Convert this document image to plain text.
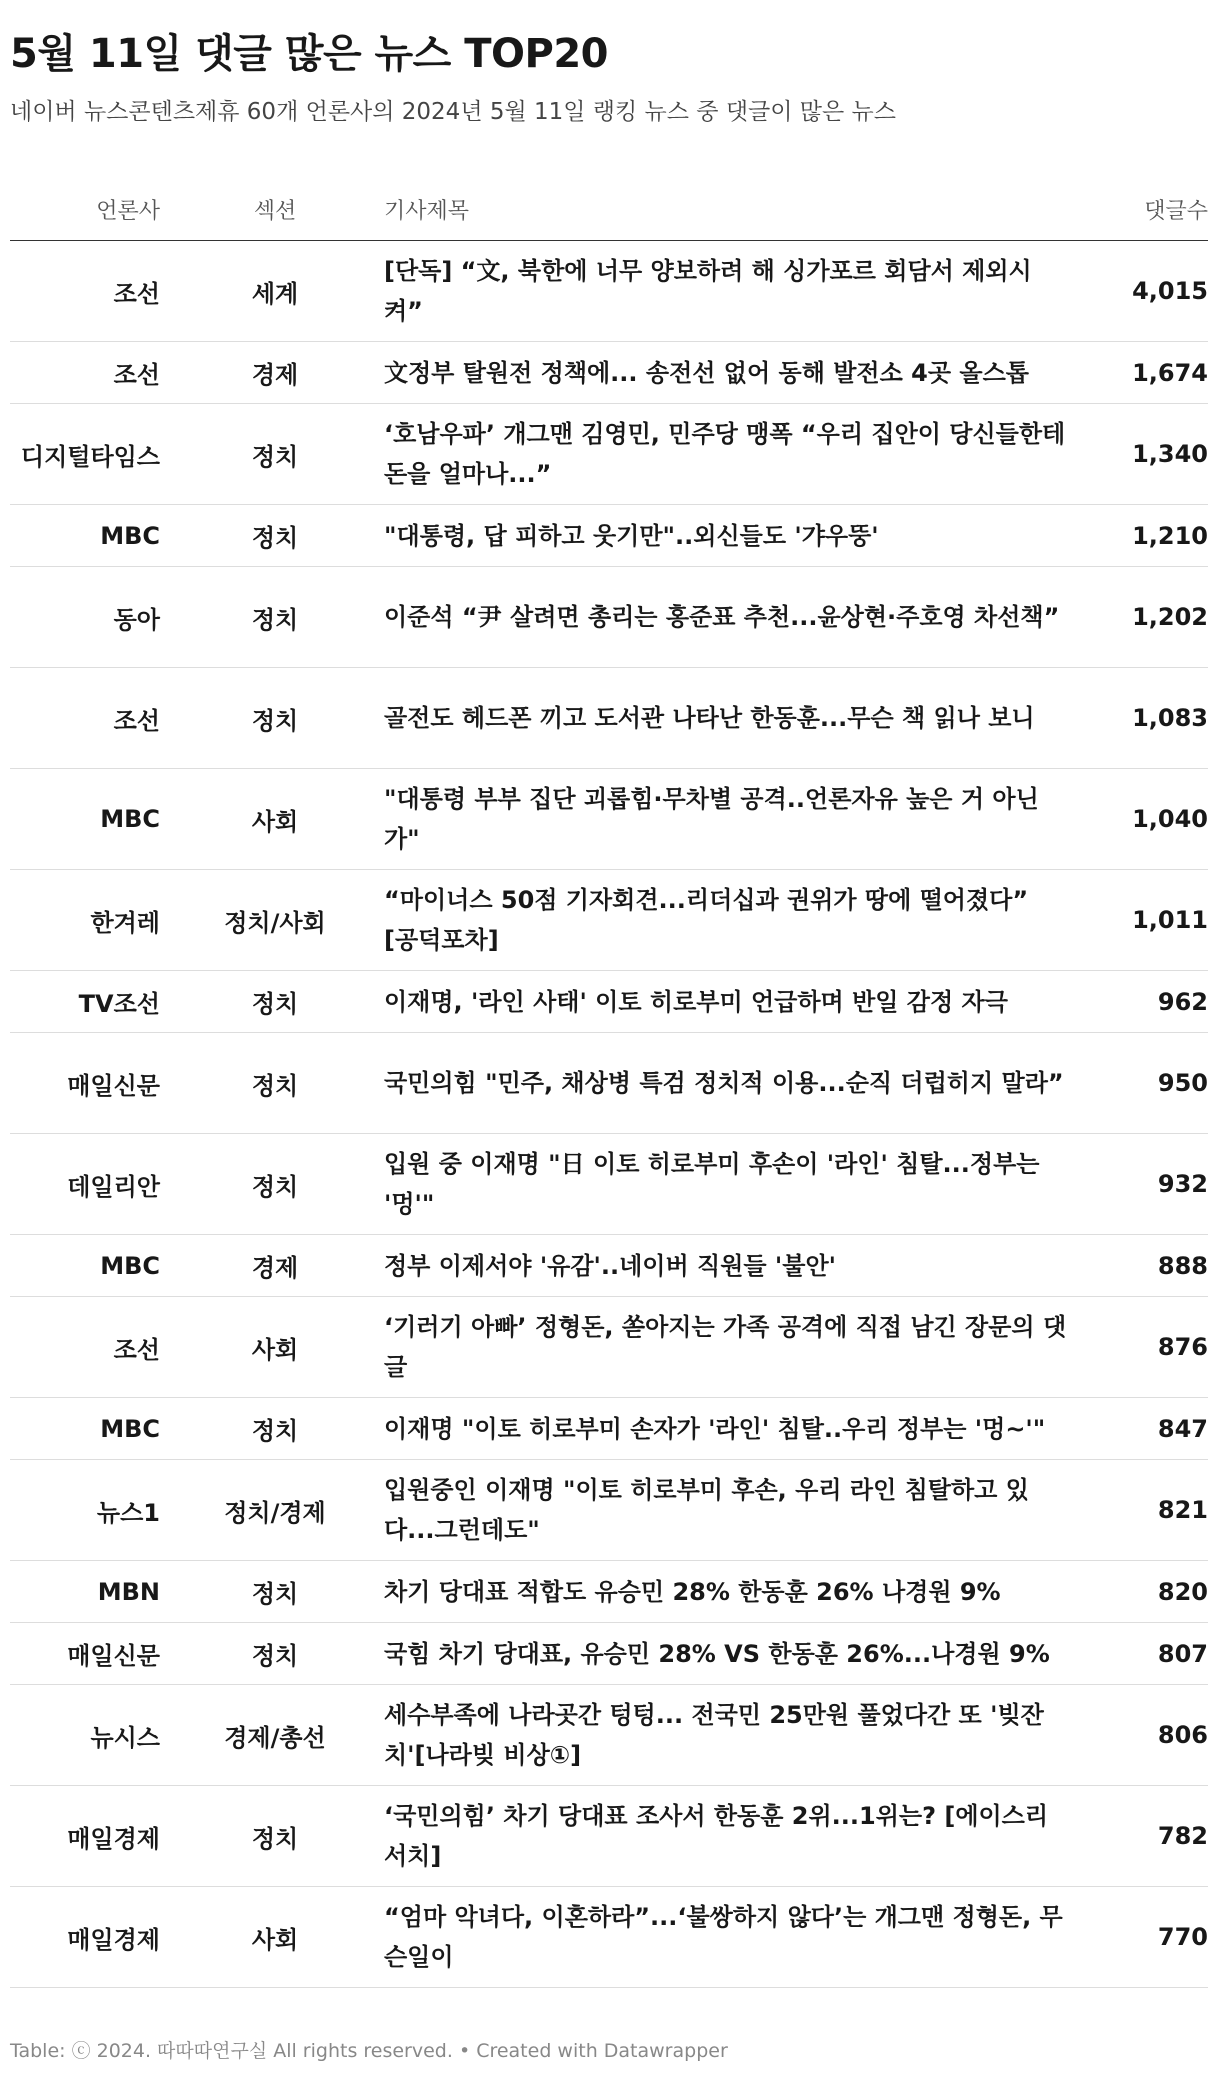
5월 11일 댓글 많은 뉴스 TOP20
네이버 뉴스콘텐츠제휴 60개 언론사의 2024년 5월 11일 랭킹 뉴스 중 댓글이 많은 뉴스
언론사	섹션	기사제목	댓글수
조선	세계	[단독] “文, 북한에 너무 양보하려 해 싱가포르 회담서 제외시켜”	4,015
조선	경제	文정부 탈원전 정책에... 송전선 없어 동해 발전소 4곳 올스톱	1,674
디지털타임스	정치	‘호남우파’ 개그맨 김영민, 민주당 맹폭 “우리 집안이 당신들한테 돈을 얼마나...”	1,340
MBC	정치	"대통령, 답 피하고 웃기만"..외신들도 '갸우뚱'	1,210
동아	정치	이준석 “尹 살려면 총리는 홍준표 추천...윤상현·주호영 차선책”	1,202
조선	정치	골전도 헤드폰 끼고 도서관 나타난 한동훈...무슨 책 읽나 보니	1,083
MBC	사회	"대통령 부부 집단 괴롭힘·무차별 공격..언론자유 높은 거 아닌가"	1,040
한겨레	정치/사회	“마이너스 50점 기자회견...리더십과 권위가 땅에 떨어졌다” [공덕포차]	1,011
TV조선	정치	이재명, '라인 사태' 이토 히로부미 언급하며 반일 감정 자극	962
매일신문	정치	국민의힘 "민주, 채상병 특검 정치적 이용...순직 더럽히지 말라”	950
데일리안	정치	입원 중 이재명 "日 이토 히로부미 후손이 '라인' 침탈...정부는 '멍'"	932
MBC	경제	정부 이제서야 '유감'..네이버 직원들 '불안'	888
조선	사회	‘기러기 아빠’ 정형돈, 쏟아지는 가족 공격에 직접 남긴 장문의 댓글	876
MBC	정치	이재명 "이토 히로부미 손자가 '라인' 침탈..우리 정부는 '멍~'"	847
뉴스1	정치/경제	입원중인 이재명 "이토 히로부미 후손, 우리 라인 침탈하고 있다...그런데도"	821
MBN	정치	차기 당대표 적합도 유승민 28% 한동훈 26% 나경원 9%	820
매일신문	정치	국힘 차기 당대표, 유승민 28% VS 한동훈 26%...나경원 9%	807
뉴시스	경제/총선	세수부족에 나라곳간 텅텅... 전국민 25만원 풀었다간 또 '빚잔치'[나라빚 비상①]	806
매일경제	정치	‘국민의힘’ 차기 당대표 조사서 한동훈 2위...1위는? [에이스리서치]	782
매일경제	사회	“엄마 악녀다, 이혼하라”...‘불쌍하지 않다’는 개그맨 정형돈, 무슨일이	770
Table: ⓒ 2024. 따따따연구실 All rights reserved. • Created with Datawrapper
